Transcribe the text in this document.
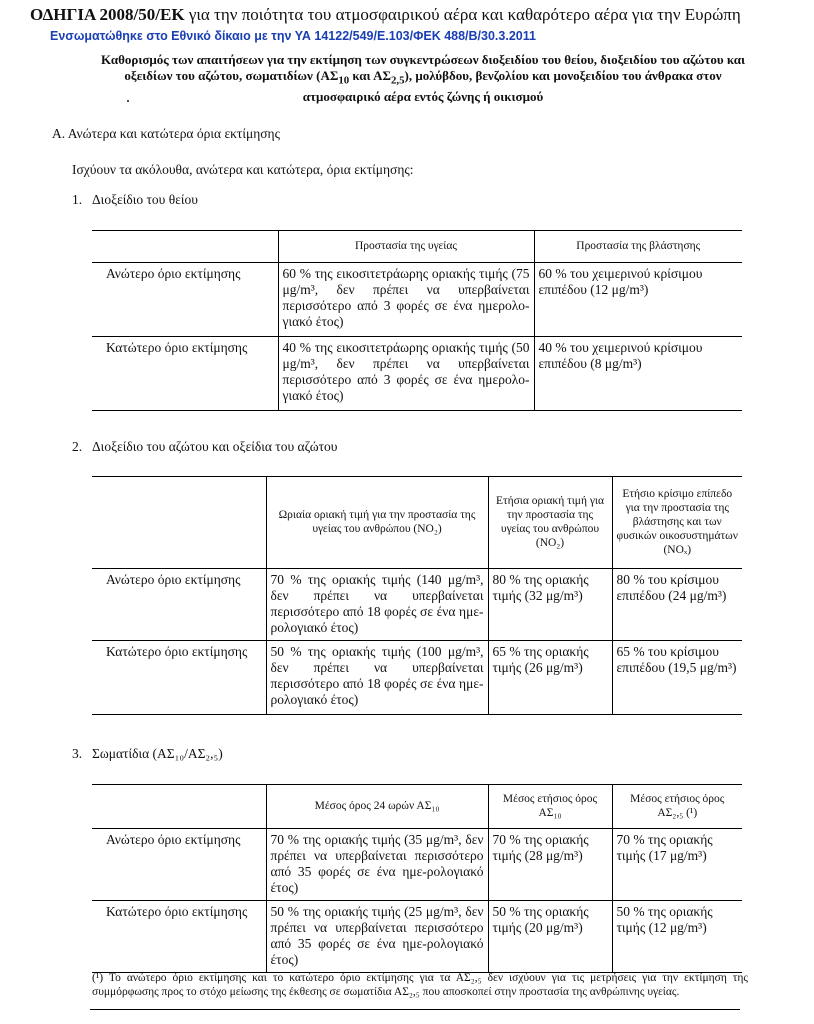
ΟΔΗΓΙΑ 2008/50/ΕΚ για την ποιότητα του ατμοσφαιρικού αέρα και καθαρότερο αέρα για την Ευρώπη
Ενσωματώθηκε στο Εθνικό δίκαιο με την ΥΑ 14122/549/Ε.103/ΦΕΚ 488/Β/30.3.2011
Καθορισμός των απαιτήσεων για την εκτίμηση των συγκεντρώσεων διοξειδίου του θείου, διοξειδίου του αζώτου και
οξειδίων του αζώτου, σωματιδίων ($A\Sigma_{10}$ και $A\Sigma_{2,5}$), μολύβδου, βενζολίου και μονοξειδίου του άνθρακα στον
ατμοσφαιρικό αέρα εντός ζώνης ή οικισμού
Α. Ανώτερα και κατώτερα όρια εκτίμησης
Ισχύουν τα ακόλουθα, ανώτερα και κατώτερα, όρια εκτίμησης:
1. Διοξείδιο του θείου
	Προστασία της υγείας	Προστασία της βλάστησης
Ανώτερο όριο εκτίμησης	60 % της εικοσιτετράωρης οριακής τιμής (75 μg/m³, δεν πρέπει να υπερβαίνεται περισσότερο από 3 φορές σε ένα ημερολο-γιακό έτος)	60 % του χειμερινού κρίσιμου επιπέδου (12 μg/m³)
Κατώτερο όριο εκτίμησης	40 % της εικοσιτετράωρης οριακής τιμής (50 μg/m³, δεν πρέπει να υπερβαίνεται περισσότερο από 3 φορές σε ένα ημερολο-γιακό έτος)	40 % του χειμερινού κρίσιμου επιπέδου (8 μg/m³)
2. Διοξείδιο του αζώτου και οξείδια του αζώτου
	Ωριαία οριακή τιμή για την προστασία της υγείας του ανθρώπου (NO₂)	Ετήσια οριακή τιμή για την προστασία της υγείας του ανθρώπου (NO₂)	Ετήσιο κρίσιμο επίπεδο για την προστασία της βλάστησης και των φυσικών οικοσυστημάτων (NOₓ)
Ανώτερο όριο εκτίμησης	70 % της οριακής τιμής (140 μg/m³, δεν πρέπει να υπερβαίνεται περισσότερο από 18 φορές σε ένα ημε-ρολογιακό έτος)	80 % της οριακής τιμής (32 μg/m³)	80 % του κρίσιμου επιπέδου (24 μg/m³)
Κατώτερο όριο εκτίμησης	50 % της οριακής τιμής (100 μg/m³, δεν πρέπει να υπερβαίνεται περισσότερο από 18 φορές σε ένα ημε-ρολογιακό έτος)	65 % της οριακής τιμής (26 μg/m³)	65 % του κρίσιμου επιπέδου (19,5 μg/m³)
3. Σωματίδια (ΑΣ₁₀/ΑΣ₂,₅)
	Μέσος όρος 24 ωρών ΑΣ₁₀	Μέσος ετήσιος όρος ΑΣ₁₀	Μέσος ετήσιος όρος ΑΣ₂,₅ (¹)
Ανώτερο όριο εκτίμησης	70 % της οριακής τιμής (35 μg/m³, δεν πρέπει να υπερβαίνεται περισσότερο από 35 φορές σε ένα ημε-ρολογιακό έτος)	70 % της οριακής τιμής (28 μg/m³)	70 % της οριακής τιμής (17 μg/m³)
Κατώτερο όριο εκτίμησης	50 % της οριακής τιμής (25 μg/m³, δεν πρέπει να υπερβαίνεται περισσότερο από 35 φορές σε ένα ημε-ρολογιακό έτος)	50 % της οριακής τιμής (20 μg/m³)	50 % της οριακής τιμής (12 μg/m³)
(¹) Το ανώτερο όριο εκτίμησης και το κατώτερο όριο εκτίμησης για τα ΑΣ₂,₅ δεν ισχύουν για τις μετρήσεις για την εκτίμηση της συμμόρφωσης προς το στόχο μείωσης της έκθεσης σε σωματίδια ΑΣ₂,₅ που αποσκοπεί στην προστασία της ανθρώπινης υγείας.
